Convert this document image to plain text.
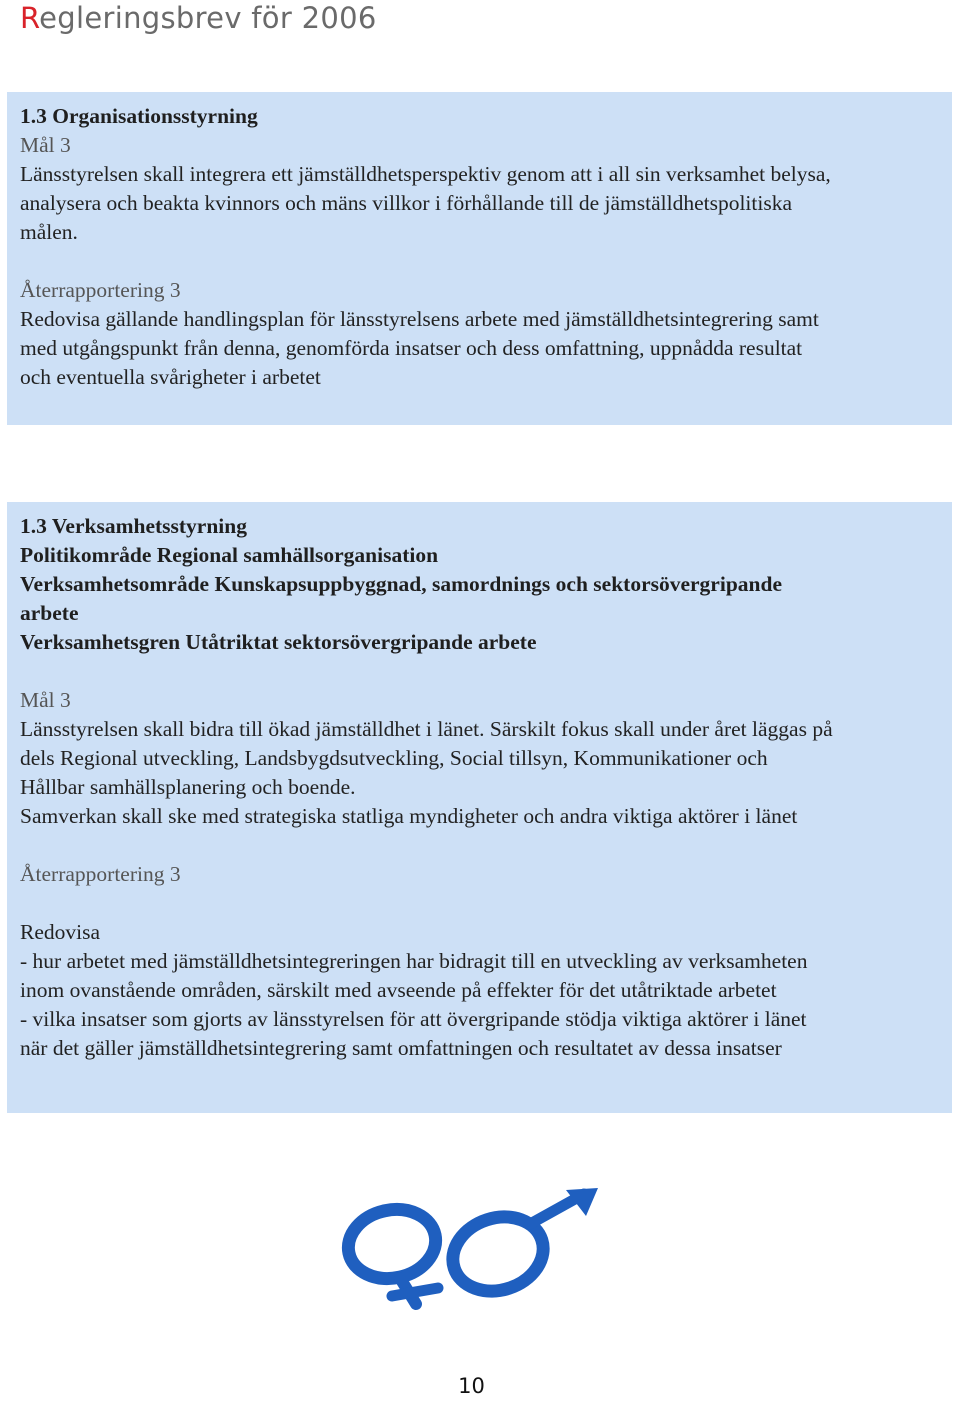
Regleringsbrev för 2006

1.3 Organisationsstyrning

Mål 3

Länsstyrelsen skall integrera ett jämställdhetsperspektiv genom att i all sin verksamhet belysa,

analysera och beakta kvinnors och mäns villkor i förhållande till de jämställdhetspolitiska

målen.

Återrapportering 3

Redovisa gällande handlingsplan för länsstyrelsens arbete med jämställdhetsintegrering samt

med utgångspunkt från denna, genomförda insatser och dess omfattning, uppnådda resultat

och eventuella svårigheter i arbetet

1.3 Verksamhetsstyrning

Politikområde Regional samhällsorganisation

Verksamhetsområde Kunskapsuppbyggnad, samordnings och sektorsövergripande

arbete

Verksamhetsgren Utåtriktat sektorsövergripande arbete

Mål 3

Länsstyrelsen skall bidra till ökad jämställdhet i länet. Särskilt fokus skall under året läggas på

dels Regional utveckling, Landsbygdsutveckling, Social tillsyn, Kommunikationer och

Hållbar samhällsplanering och boende.

Samverkan skall ske med strategiska statliga myndigheter och andra viktiga aktörer i länet

Återrapportering 3

Redovisa

- hur arbetet med jämställdhetsintegreringen har bidragit till en utveckling av verksamheten

inom ovanstående områden, särskilt med avseende på effekter för det utåtriktade arbetet

- vilka insatser som gjorts av länsstyrelsen för att övergripande stödja viktiga aktörer i länet

när det gäller jämställdhetsintegrering samt omfattningen och resultatet av dessa insatser

10
